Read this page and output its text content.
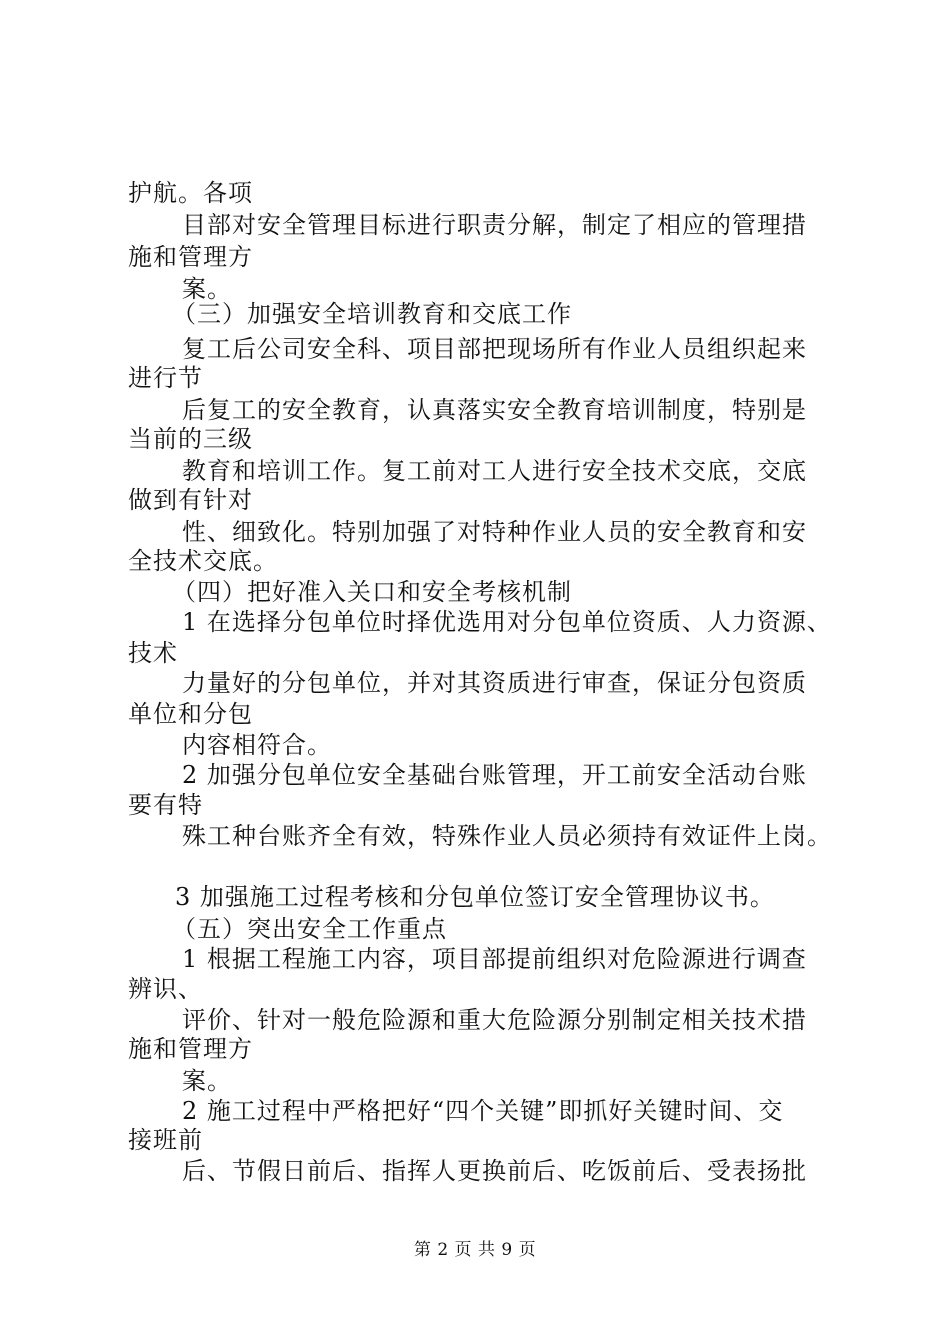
护航。各项
目部对安全管理目标进行职责分解，制定了相应的管理措
施和管理方
案。
（三）加强安全培训教育和交底工作
复工后公司安全科、项目部把现场所有作业人员组织起来
进行节
后复工的安全教育，认真落实安全教育培训制度，特别是
当前的三级
教育和培训工作。复工前对工人进行安全技术交底，交底
做到有针对
性、细致化。特别加强了对特种作业人员的安全教育和安
全技术交底。
（四）把好准入关口和安全考核机制
1 在选择分包单位时择优选用对分包单位资质、人力资源、
技术
力量好的分包单位，并对其资质进行审查，保证分包资质
单位和分包
内容相符合。
2 加强分包单位安全基础台账管理，开工前安全活动台账
要有特
殊工种台账齐全有效，特殊作业人员必须持有效证件上岗。
3 加强施工过程考核和分包单位签订安全管理协议书。
（五）突出安全工作重点
1 根据工程施工内容，项目部提前组织对危险源进行调查
辨识、
评价、针对一般危险源和重大危险源分别制定相关技术措
施和管理方
案。
2 施工过程中严格把好“四个关键”即抓好关键时间、交
接班前
后、节假日前后、指挥人更换前后、吃饭前后、受表扬批
第 2 页 共 9 页
